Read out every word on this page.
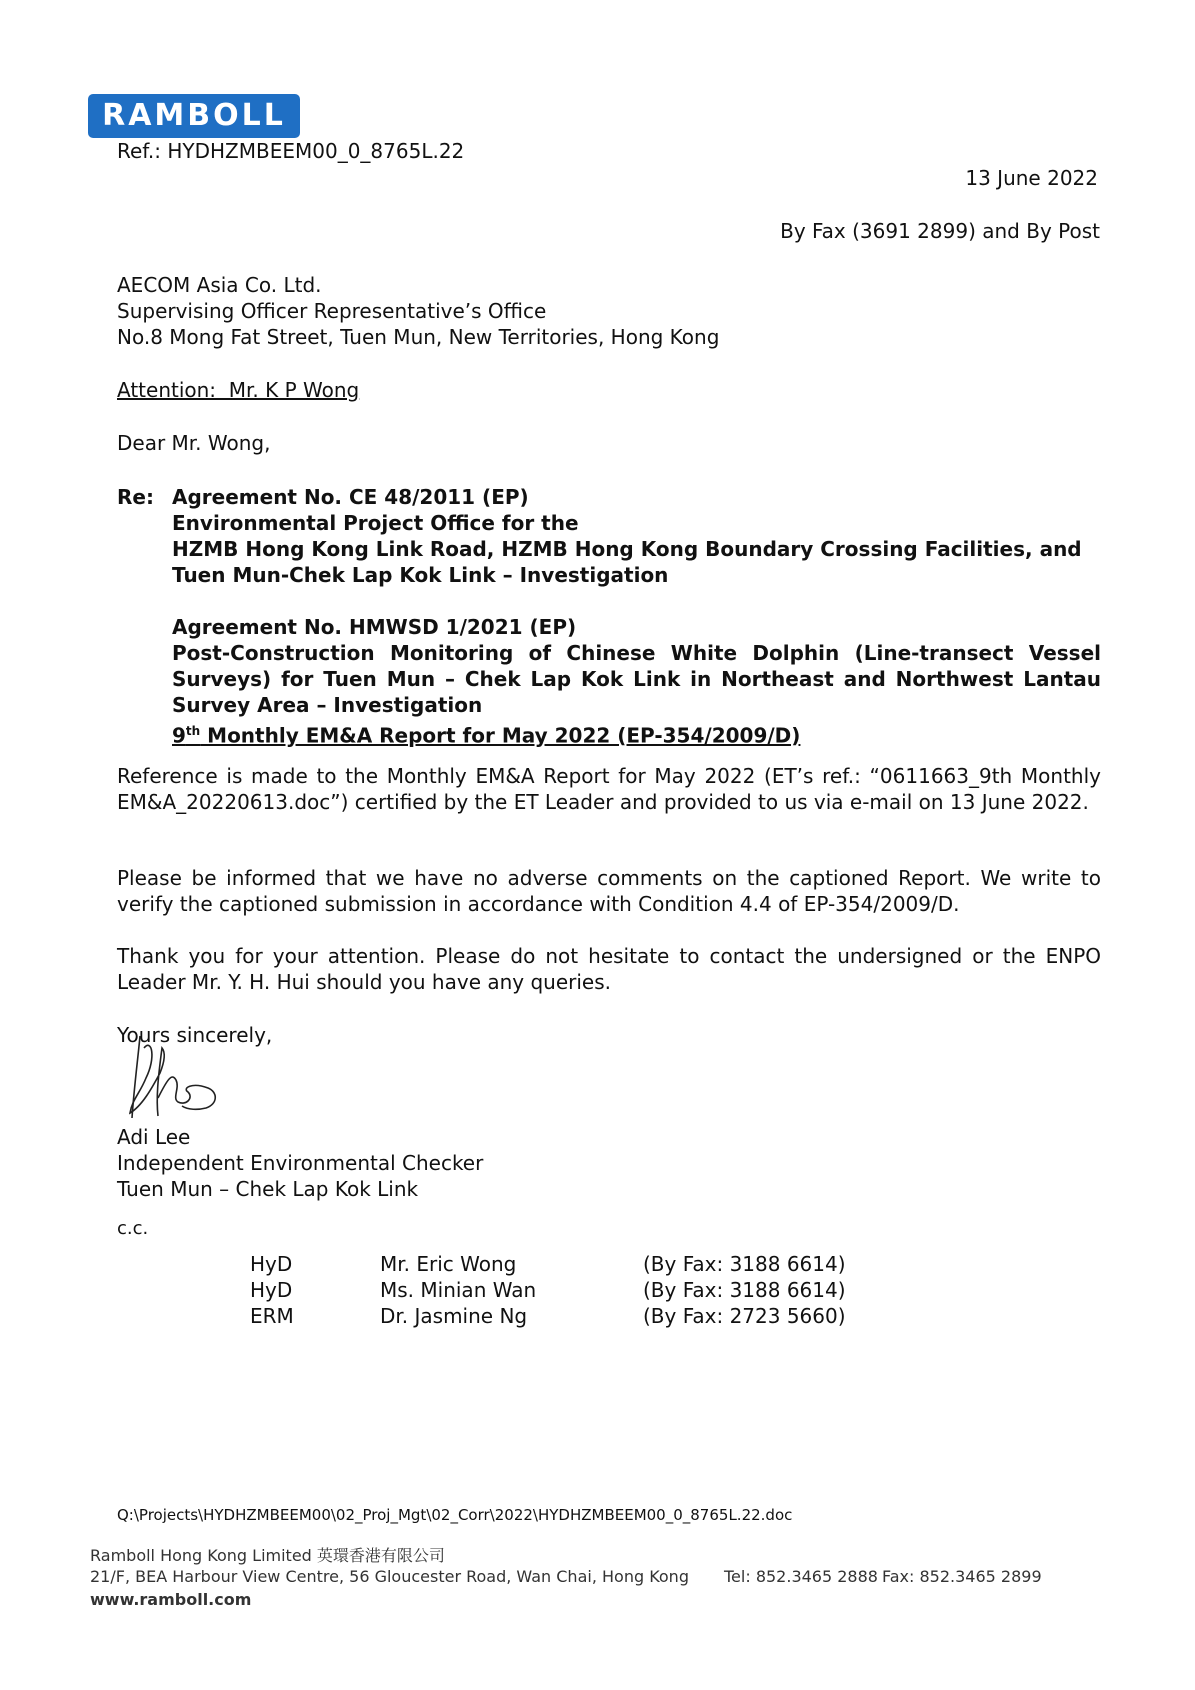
RAMBOLL
Ref.: HYDHZMBEEM00_0_8765L.22
13 June 2022
By Fax (3691 2899) and By Post
AECOM Asia Co. Ltd.
Supervising Officer Representative’s Office
No.8 Mong Fat Street, Tuen Mun, New Territories, Hong Kong
Attention:  Mr. K P Wong
Dear Mr. Wong,
Re: Agreement No. CE 48/2011 (EP)
Environmental Project Office for the
HZMB Hong Kong Link Road, HZMB Hong Kong Boundary Crossing Facilities, and
Tuen Mun-Chek Lap Kok Link – Investigation
Agreement No. HMWSD 1/2021 (EP)
Post-Construction Monitoring of Chinese White Dolphin (Line-transect Vessel
Surveys) for Tuen Mun – Chek Lap Kok Link in Northeast and Northwest Lantau
Survey Area – Investigation
9th Monthly EM&A Report for May 2022 (EP-354/2009/D)

Reference is made to the Monthly EM&A Report for May 2022 (ET’s ref.: “0611663_9th Monthly EM&A_20220613.doc”) certified by the ET Leader and provided to us via e-mail on 13 June 2022.

Please be informed that we have no adverse comments on the captioned Report. We write to verify the captioned submission in accordance with Condition 4.4 of EP-354/2009/D.

Thank you for your attention. Please do not hesitate to contact the undersigned or the ENPO Leader Mr. Y. H. Hui should you have any queries.

Yours sincerely,
Adi Lee
Independent Environmental Checker
Tuen Mun – Chek Lap Kok Link
c.c.
HyD	Mr. Eric Wong	(By Fax: 3188 6614)
HyD	Ms. Minian Wan	(By Fax: 3188 6614)
ERM	Dr. Jasmine Ng	(By Fax: 2723 5660)
Q:\Projects\HYDHZMBEEM00\02_Proj_Mgt\02_Corr\2022\HYDHZMBEEM00_0_8765L.22.doc
Ramboll Hong Kong Limited 英環香港有限公司
21/F, BEA Harbour View Centre, 56 Gloucester Road, Wan Chai, Hong Kong Tel: 852.3465 2888 Fax: 852.3465 2899
www.ramboll.com
